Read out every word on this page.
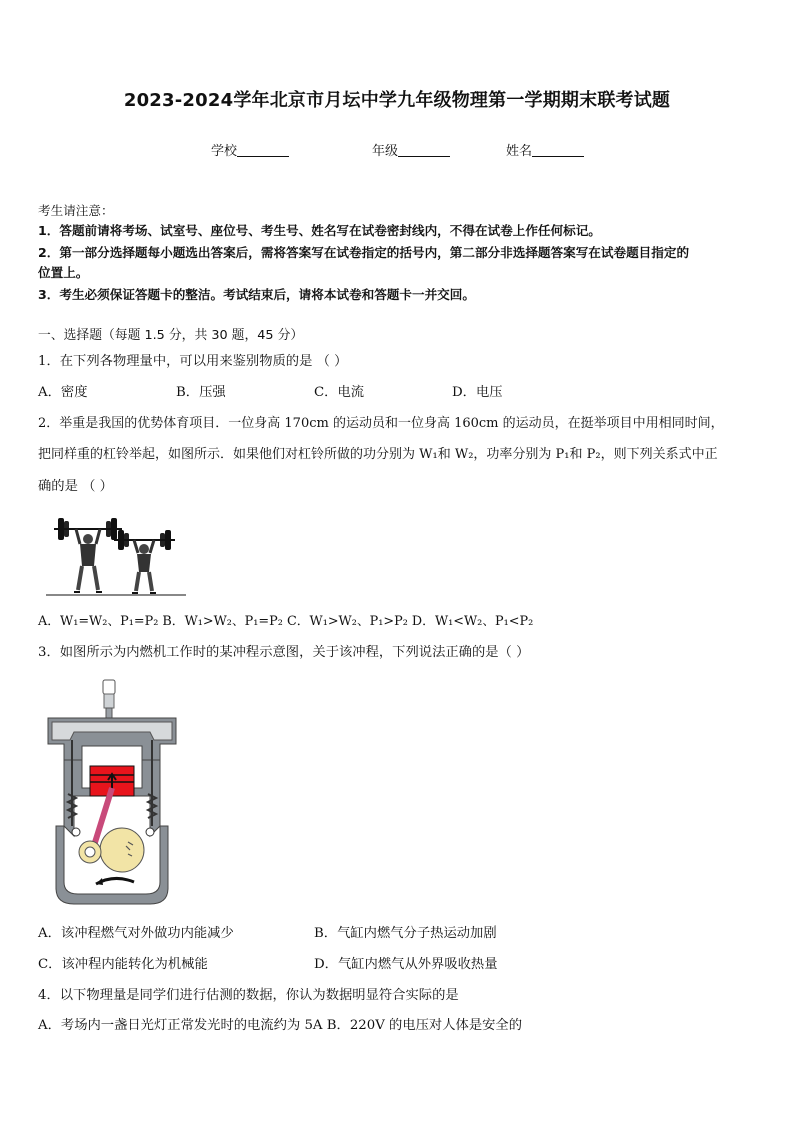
2023-2024学年北京市月坛中学九年级物理第一学期期末联考试题
学校	年级	姓名
考生请注意：
1．答题前请将考场、试室号、座位号、考生号、姓名写在试卷密封线内，不得在试卷上作任何标记。
2．第一部分选择题每小题选出答案后，需将答案写在试卷指定的括号内，第二部分非选择题答案写在试卷题目指定的
位置上。
3．考生必须保证答题卡的整洁。考试结束后，请将本试卷和答题卡一并交回。
一、选择题（每题 1.5 分，共 30 题，45 分）
1．在下列各物理量中，可以用来鉴别物质的是 （ ）
A．密度	B．压强	C．电流	D．电压
2．举重是我国的优势体育项目．一位身高 170cm 的运动员和一位身高 160cm 的运动员，在挺举项目中用相同时间，
把同样重的杠铃举起，如图所示．如果他们对杠铃所做的功分别为 W₁和 W₂，功率分别为 P₁和 P₂，则下列关系式中正
确的是 （ ）
A．W₁=W₂、P₁=P₂ B．W₁>W₂、P₁=P₂ C．W₁>W₂、P₁>P₂ D．W₁<W₂、P₁<P₂
3．如图所示为内燃机工作时的某冲程示意图，关于该冲程，下列说法正确的是（ ）
A．该冲程燃气对外做功内能减少	B．气缸内燃气分子热运动加剧
C．该冲程内能转化为机械能	D．气缸内燃气从外界吸收热量
4．以下物理量是同学们进行估测的数据，你认为数据明显符合实际的是
A．考场内一盏日光灯正常发光时的电流约为 5A B．220V 的电压对人体是安全的
